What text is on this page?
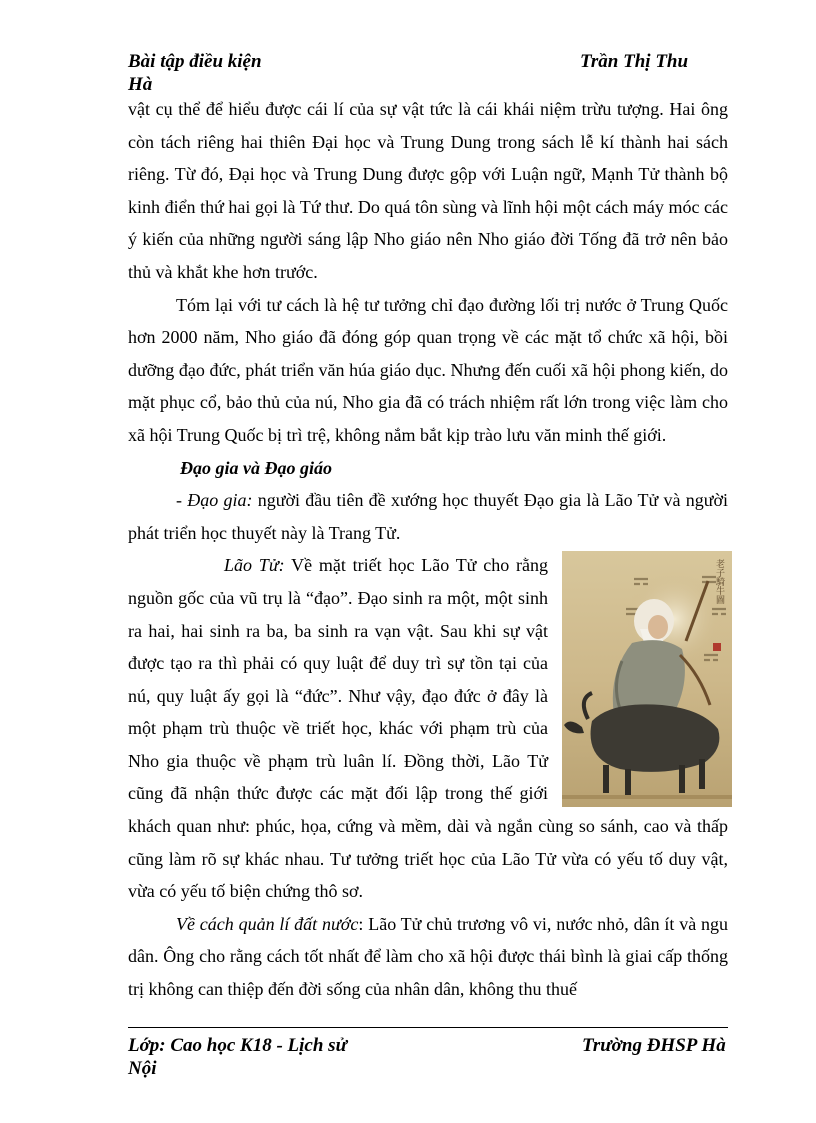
Bài tập điều kiện	Trần Thị Thu
Hà

vật cụ thể để hiểu được cái lí của sự vật tức là cái khái niệm trừu tượng. Hai ông còn tách riêng hai thiên Đại học và Trung Dung trong sách lễ kí thành hai sách riêng. Từ đó, Đại học và Trung Dung được gộp với Luận ngữ, Mạnh Tử thành bộ kinh điển thứ hai gọi là Tứ thư. Do quá tôn sùng và lĩnh hội một cách máy móc các ý kiến của những người sáng lập Nho giáo nên Nho giáo đời Tống đã trở nên bảo thủ và khắt khe hơn trước.

Tóm lại với tư cách là hệ tư tưởng chỉ đạo đường lối trị nước ở Trung Quốc hơn 2000 năm, Nho giáo đã đóng góp quan trọng về các mặt tổ chức xã hội, bồi dưỡng đạo đức, phát triển văn húa giáo dục. Nhưng đến cuối xã hội phong kiến, do mặt phục cổ, bảo thủ của nú, Nho gia đã có trách nhiệm rất lớn trong việc làm cho xã hội Trung Quốc bị trì trệ, không nắm bắt kịp trào lưu văn minh thế giới.

Đạo gia và Đạo giáo

- Đạo gia: người đầu tiên đề xướng học thuyết Đạo gia là Lão Tử và người phát triển học thuyết này là Trang Tử.

老子騎牛圖
Lão Tử: Về mặt triết học Lão Tử cho rằng nguồn gốc của vũ trụ là “đạo”. Đạo sinh ra một, một sinh ra hai, hai sinh ra ba, ba sinh ra vạn vật. Sau khi sự vật được tạo ra thì phải có quy luật để duy trì sự tồn tại của nú, quy luật ấy gọi là “đức”. Như vậy, đạo đức ở đây là một phạm trù thuộc về triết học, khác với phạm trù của Nho gia thuộc về phạm trù luân lí. Đồng thời, Lão Tử cũng đã nhận thức được các mặt đối lập trong thế giới khách quan như: phúc, họa, cứng và mềm, dài và ngắn cùng so sánh, cao và thấp cũng làm rõ sự khác nhau. Tư tưởng triết học của Lão Tử vừa có yếu tố duy vật, vừa có yếu tố biện chứng thô sơ.

Về cách quản lí đất nước: Lão Tử chủ trương vô vi, nước nhỏ, dân ít và ngu dân. Ông cho rằng cách tốt nhất để làm cho xã hội được thái bình là giai cấp thống trị không can thiệp đến đời sống của nhân dân, không thu thuế

Lớp: Cao học K18 - Lịch sử	Trường ĐHSP Hà
Nội
